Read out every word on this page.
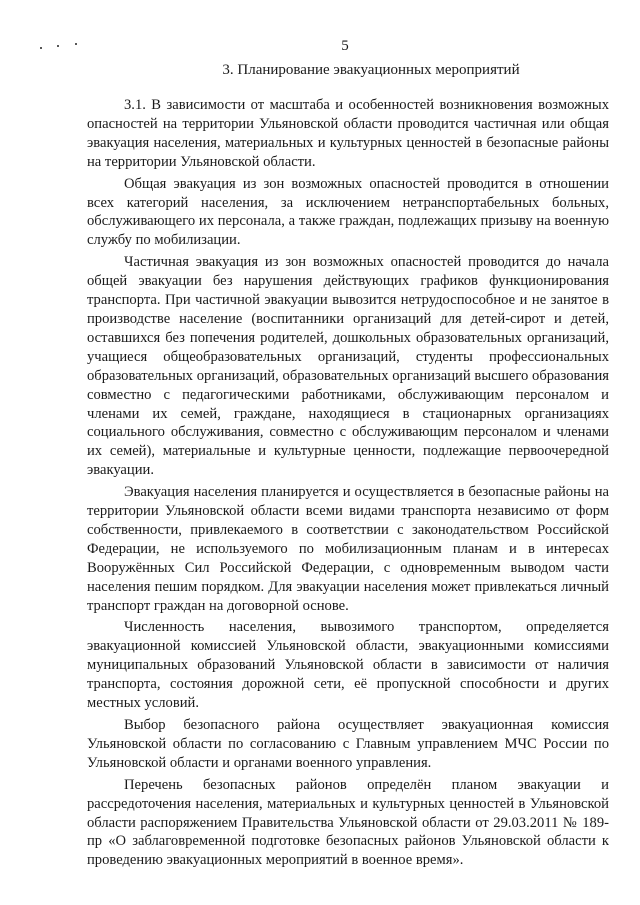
5
3. Планирование эвакуационных мероприятий

3.1. В зависимости от масштаба и особенностей возникновения возможных опасностей на территории Ульяновской области проводится частичная или общая эвакуация населения, материальных и культурных ценностей в безопасные районы на территории Ульяновской области.

Общая эвакуация из зон возможных опасностей проводится в отношении всех категорий населения, за исключением нетранспортабельных больных, обслуживающего их персонала, а также граждан, подлежащих призыву на военную службу по мобилизации.

Частичная эвакуация из зон возможных опасностей проводится до начала общей эвакуации без нарушения действующих графиков функционирования транспорта. При частичной эвакуации вывозится нетрудоспособное и не занятое в производстве население (воспитанники организаций для детей-сирот и детей, оставшихся без попечения родителей, дошкольных образовательных организаций, учащиеся общеобразовательных организаций, студенты профессиональных образовательных организаций, образовательных организаций высшего образования совместно с педагогическими работниками, обслуживающим персоналом и членами их семей, граждане, находящиеся в стационарных организациях социального обслуживания, совместно с обслуживающим персоналом и членами их семей), материальные и культурные ценности, подлежащие первоочередной эвакуации.

Эвакуация населения планируется и осуществляется в безопасные районы на территории Ульяновской области всеми видами транспорта независимо от форм собственности, привлекаемого в соответствии с законодательством Российской Федерации, не используемого по мобилизационным планам и в интересах Вооружённых Сил Российской Федерации, с одновременным выводом части населения пешим порядком. Для эвакуации населения может привлекаться личный транспорт граждан на договорной основе.

Численность населения, вывозимого транспортом, определяется эвакуационной комиссией Ульяновской области, эвакуационными комиссиями муниципальных образований Ульяновской области в зависимости от наличия транспорта, состояния дорожной сети, её пропускной способности и других местных условий.

Выбор безопасного района осуществляет эвакуационная комиссия Ульяновской области по согласованию с Главным управлением МЧС России по Ульяновской области и органами военного управления.

Перечень безопасных районов определён планом эвакуации и рассредоточения населения, материальных и культурных ценностей в Ульяновской области распоряжением Правительства Ульяновской области от 29.03.2011 № 189-пр «О заблаговременной подготовке безопасных районов Ульяновской области к проведению эвакуационных мероприятий в военное время».
